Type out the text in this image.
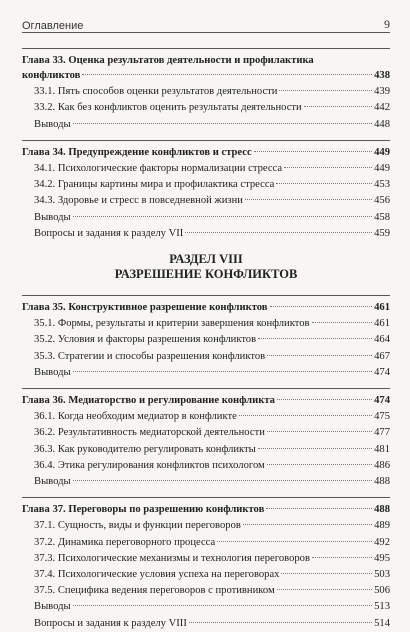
Оглавление	9
Глава 33. Оценка результатов деятельности и профилактика
конфликтов	438
33.1. Пять способов оценки результатов деятельности	439
33.2. Как без конфликтов оценить результаты деятельности	442
Выводы	448
Глава 34. Предупреждение конфликтов и стресс	449
34.1. Психологические факторы нормализации стресса	449
34.2. Границы картины мира и профилактика стресса	453
34.3. Здоровье и стресс в повседневной жизни	456
Выводы	458
Вопросы и задания к разделу VII	459
РАЗДЕЛ VIII
РАЗРЕШЕНИЕ КОНФЛИКТОВ
Глава 35. Конструктивное разрешение конфликтов	461
35.1. Формы, результаты и критерии завершения конфликтов	461
35.2. Условия и факторы разрешения конфликтов	464
35.3. Стратегии и способы разрешения конфликтов	467
Выводы	474
Глава 36. Медиаторство и регулирование конфликта	474
36.1. Когда необходим медиатор в конфликте	475
36.2. Результативность медиаторской деятельности	477
36.3. Как руководителю регулировать конфликты	481
36.4. Этика регулирования конфликтов психологом	486
Выводы	488
Глава 37. Переговоры по разрешению конфликтов	488
37.1. Сущность, виды и функции переговоров	489
37.2. Динамика переговорного процесса	492
37.3. Психологические механизмы и технология переговоров	495
37.4. Психологические условия успеха на переговорах	503
37.5. Специфика ведения переговоров с противником	506
Выводы	513
Вопросы и задания к разделу VIII	514
